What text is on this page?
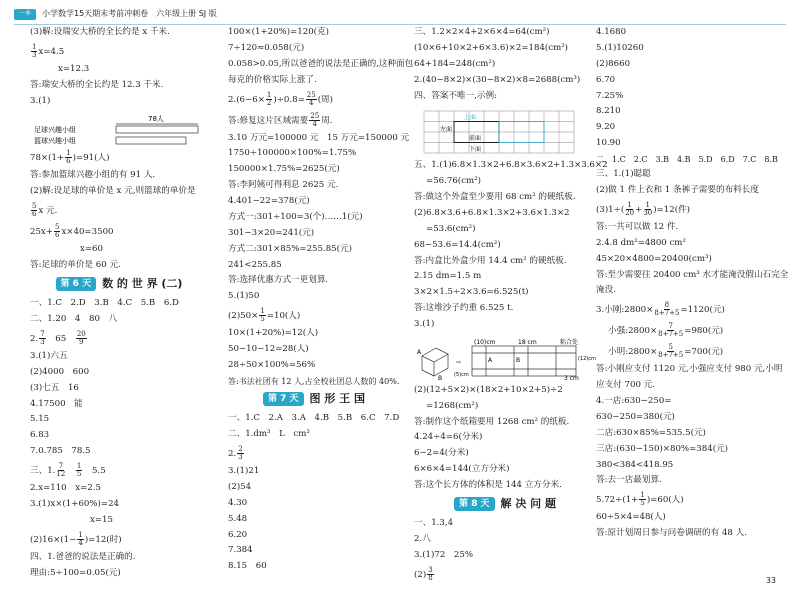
一本	小学数学15天期末考前冲刺卷　六年级上册 SJ 版
(3)解:设瑞安大桥的全长约是 x 千米.
$\frac{1}{3} x=4.5$
x=12.3
答:瑞安大桥的全长约是 12.3 千米.
3.(1)
78人
足球兴趣小组
篮球兴趣小组
$78\times(1+ \frac{1}{6} )=91$(人)
答:参加篮球兴趣小组的有 91 人.
(2)解:设足球的单价是 x 元,则篮球的单价是
$\frac{5}{6}$ x 元.
$25x+ \frac{5}{6} x\times 40=3500$
x=60
答:足球的单价是 60 元.
第 6 天	数 的 世 界 (二)
一、1.C　2.D　3.B　4.C　5.B　6.D
二、1.20　4　80　八
2. $\frac{7}{3}$
　 65　 $\frac{20}{9}$
3.(1)六五
(2)4000　600
(3)七五　16
4.17500　能
5.15
6.83
7.0.785　78.5
三、1. $\frac{7}{12}$
　 $\frac{1}{5}$
　 5.5
2.x=110　x=2.5
3.(1)x×(1+60%)=24
x=15
$(2)16\times(1- \frac{1}{4} )=12$(时)
四、1.爸爸的说法是正确的.
理由:5÷100=0.05(元)
100×(1+20%)=120(克)
7÷120≈0.058(元)
0.058>0.05,所以爸爸的说法是正确的,这种面包
每克的价格实际上涨了.
$2.(6-6\times \frac{1}{2} )\div 0.8= \frac{25}{4}$ (周)
答:修复这片区域需要 $\frac{25}{4}$ 周.
3.10 万元=100000 元　15 万元=150000 元
1750÷100000×100%=1.75%
150000×1.75%=2625(元)
答:李阿姨可得利息 2625 元.
4.401−22=378(元)
方式一:301÷100=3(个)……1(元)
301−3×20=241(元)
方式二:301×85%=255.85(元)
241<255.85
答:选择优惠方式一更划算.
5.(1)50
$(2)50\times \frac{1}{5} =10$(人)
10×(1+20%)=12(人)
50−10−12=28(人)
28÷50×100%=56%
答:书法社团有 12 人,占全校社团总人数的 40%.
第 7 天	图 形 王 国
一、1.C　2.A　3.A　4.B　5.B　6.C　7.D
二、1.dm³　L　cm³
2. $\frac{2}{3}$
3.(1)21
(2)54
4.30
5.48
6.20
7.384
8.15　60
三、1.2×2×4+2×6×4=64(cm²)
(10×6+10×2+6×3.6)×2=184(cm²)
64+184=248(cm²)
2.(40−8×2)×(30−8×2)×8=2688(cm³)
四、答案不唯一,示例:
上面
左面
前面
下面
五、1.(1)6.8×1.3×2+6.8×3.6×2+1.3×3.6×2
=56.76(cm²)
答:做这个外盒至少要用 68 cm² 的硬纸板.
(2)6.8×3.6+6.8×1.3×2+3.6×1.3×2
=53.6(cm²)
68−53.6=14.4(cm²)
答:内盒比外盒少用 14.4 cm² 的硬纸板.
2.15 dm=1.5 m
3×2×1.5÷2×3.6=6.525(t)
答:这堆沙子约重 6.525 t.
3.(1)
A
B
⇨
(10)cm	18 cm	粘合处
A	B	(12)cm
3 cm
(5)cm
(2)(12+5×2)×(18×2+10×2+5)÷2
=1268(cm²)
答:制作这个纸箱要用 1268 cm² 的纸板.
4.24÷4=6(分米)
6−2=4(分米)
6×6×4=144(立方分米)
答:这个长方体的体积是 144 立方分米.
第 8 天	解 决 问 题
一、1.3,4
2.八
3.(1)72　25%
$(2) \frac{3}{8}$
4.1680
5.(1)10260
(2)8660
6.70
7.25%
8.210
9.20
10.90
二、1.C　2.C　3.B　4.B　5.D　6.D　7.C　8.B
三、1.(1)聪聪
(2)做 1 件上衣和 1 条裤子需要的布料长度
$(3)1\div( \frac{1}{20} + \frac{1}{30} )=12$(件)
答:一共可以做 12 件.
2.4.8 dm²=4800 cm²
45×20×4800=20400(cm³)
答:至少需要往 20400 cm³ 水才能淹没假山石完全
淹没.
3.小刚:2800× $\frac{8}{8+7+5} =1120$(元)
小强:2800× $\frac{7}{8+7+5} =980$(元)
小明:2800× $\frac{5}{8+7+5} =700$(元)
答:小刚应支付 1120 元,小强应支付 980 元,小明
应支付 700 元.
4.一店:630−250=
630−250=380(元)
二店:630×85%=535.5(元)
三店:(630−150)×80%=384(元)
380<384<418.95
答:去一店最划算.
$5.72\div(1+ \frac{1}{5} )=60$(人)
60÷5×4=48(人)
答:原计划周日参与问卷调研的有 48 人.
33
